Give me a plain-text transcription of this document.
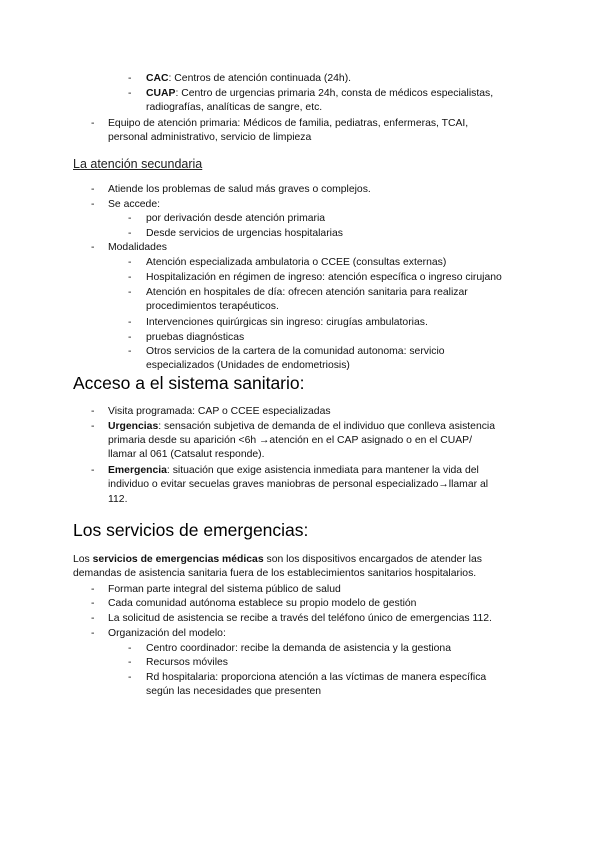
- CAC: Centros de atención continuada (24h).
- CUAP: Centro de urgencias primaria 24h, consta de médicos especialistas,
radiografías, analíticas de sangre, etc.
- Equipo de atención primaria: Médicos de familia, pediatras, enfermeras, TCAI,
personal administrativo, servicio de limpieza
La atención secundaria
- Atiende los problemas de salud más graves o complejos.
- Se accede:
- por derivación desde atención primaria
- Desde servicios de urgencias hospitalarias
- Modalidades
- Atención especializada ambulatoria o CCEE (consultas externas)
- Hospitalización en régimen de ingreso: atención específica o ingreso cirujano
- Atención en hospitales de día: ofrecen atención sanitaria para realizar
procedimientos terapéuticos.
- Intervenciones quirúrgicas sin ingreso: cirugías ambulatorias.
- pruebas diagnósticas
- Otros servicios de la cartera de la comunidad autonoma: servicio
especializados (Unidades de endometriosis)
Acceso a el sistema sanitario:
- Visita programada: CAP o CCEE especializadas
- Urgencias: sensación subjetiva de demanda de el individuo que conlleva asistencia
primaria desde su aparición <6h →atención en el CAP asignado o en el CUAP/
llamar al 061 (Catsalut responde).
- Emergencia: situación que exige asistencia inmediata para mantener la vida del
individuo o evitar secuelas graves maniobras de personal especializado→llamar al
112.
Los servicios de emergencias:
Los servicios de emergencias médicas son los dispositivos encargados de atender las
demandas de asistencia sanitaria fuera de los establecimientos sanitarios hospitalarios.
- Forman parte integral del sistema público de salud
- Cada comunidad autónoma establece su propio modelo de gestión
- La solicitud de asistencia se recibe a través del teléfono único de emergencias 112.
- Organización del modelo:
- Centro coordinador: recibe la demanda de asistencia y la gestiona
- Recursos móviles
- Rd hospitalaria: proporciona atención a las víctimas de manera específica
según las necesidades que presenten
